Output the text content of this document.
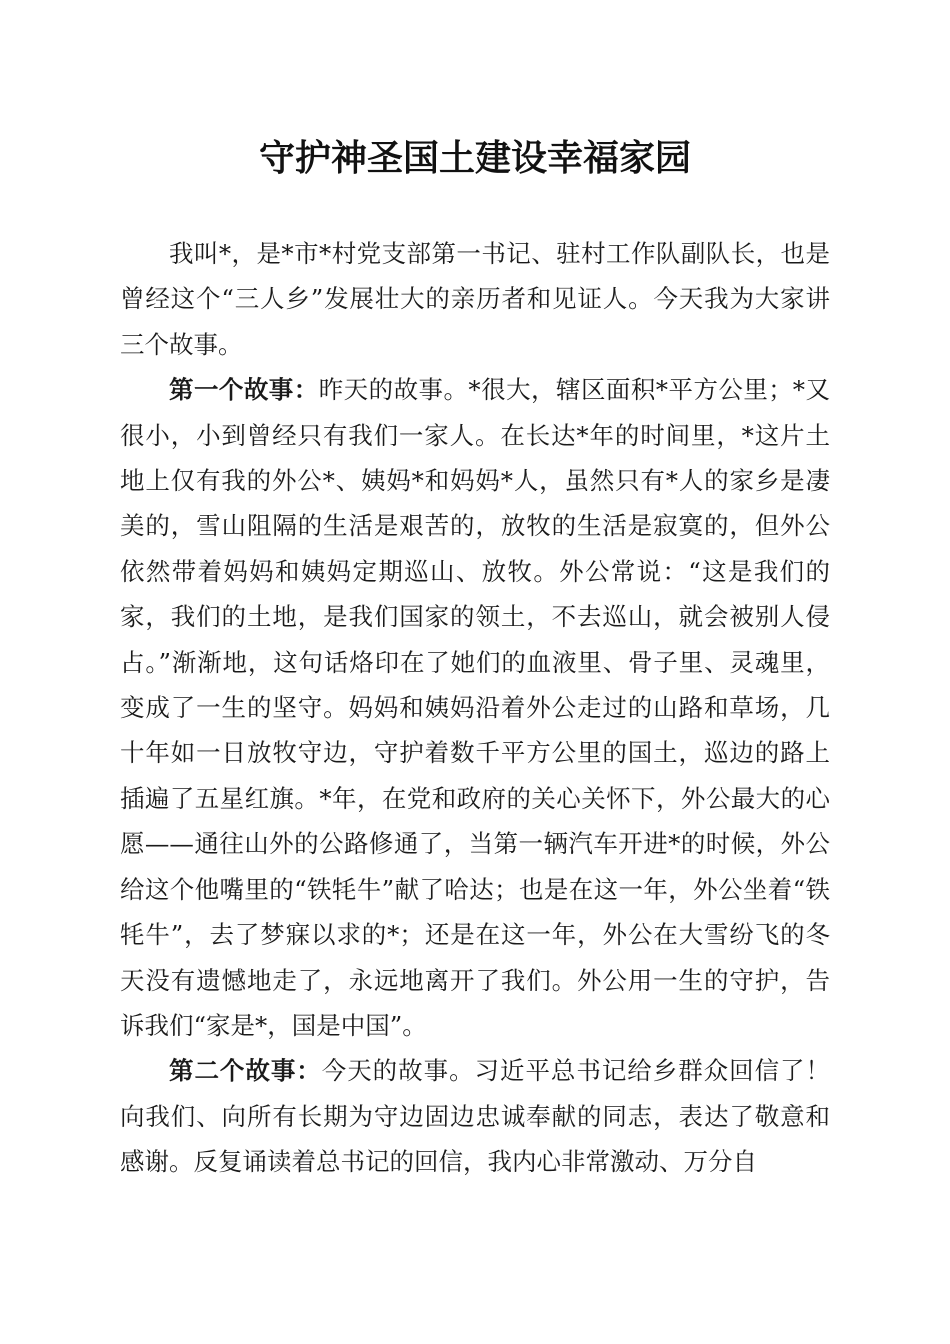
守护神圣国土建设幸福家园

我叫*，是*市*村党支部第一书记、驻村工作队副队长，也是曾经这个“三人乡”发展壮大的亲历者和见证人。今天我为大家讲三个故事。

第一个故事：昨天的故事。*很大，辖区面积*平方公里；*又很小，小到曾经只有我们一家人。在长达*年的时间里，*这片土地上仅有我的外公*、姨妈*和妈妈*人，虽然只有*人的家乡是凄美的，雪山阻隔的生活是艰苦的，放牧的生活是寂寞的，但外公依然带着妈妈和姨妈定期巡山、放牧。外公常说：“这是我们的家，我们的土地，是我们国家的领土，不去巡山，就会被别人侵占。”渐渐地，这句话烙印在了她们的血液里、骨子里、灵魂里，变成了一生的坚守。妈妈和姨妈沿着外公走过的山路和草场，几十年如一日放牧守边，守护着数千平方公里的国土，巡边的路上插遍了五星红旗。*年，在党和政府的关心关怀下，外公最大的心愿——通往山外的公路修通了，当第一辆汽车开进*的时候，外公给这个他嘴里的“铁牦牛”献了哈达；也是在这一年，外公坐着“铁牦牛”，去了梦寐以求的*；还是在这一年，外公在大雪纷飞的冬天没有遗憾地走了，永远地离开了我们。外公用一生的守护，告诉我们“家是*，国是中国”。

第二个故事：今天的故事。习近平总书记给乡群众回信了！向我们、向所有长期为守边固边忠诚奉献的同志，表达了敬意和感谢。反复诵读着总书记的回信，我内心非常激动、万分自
